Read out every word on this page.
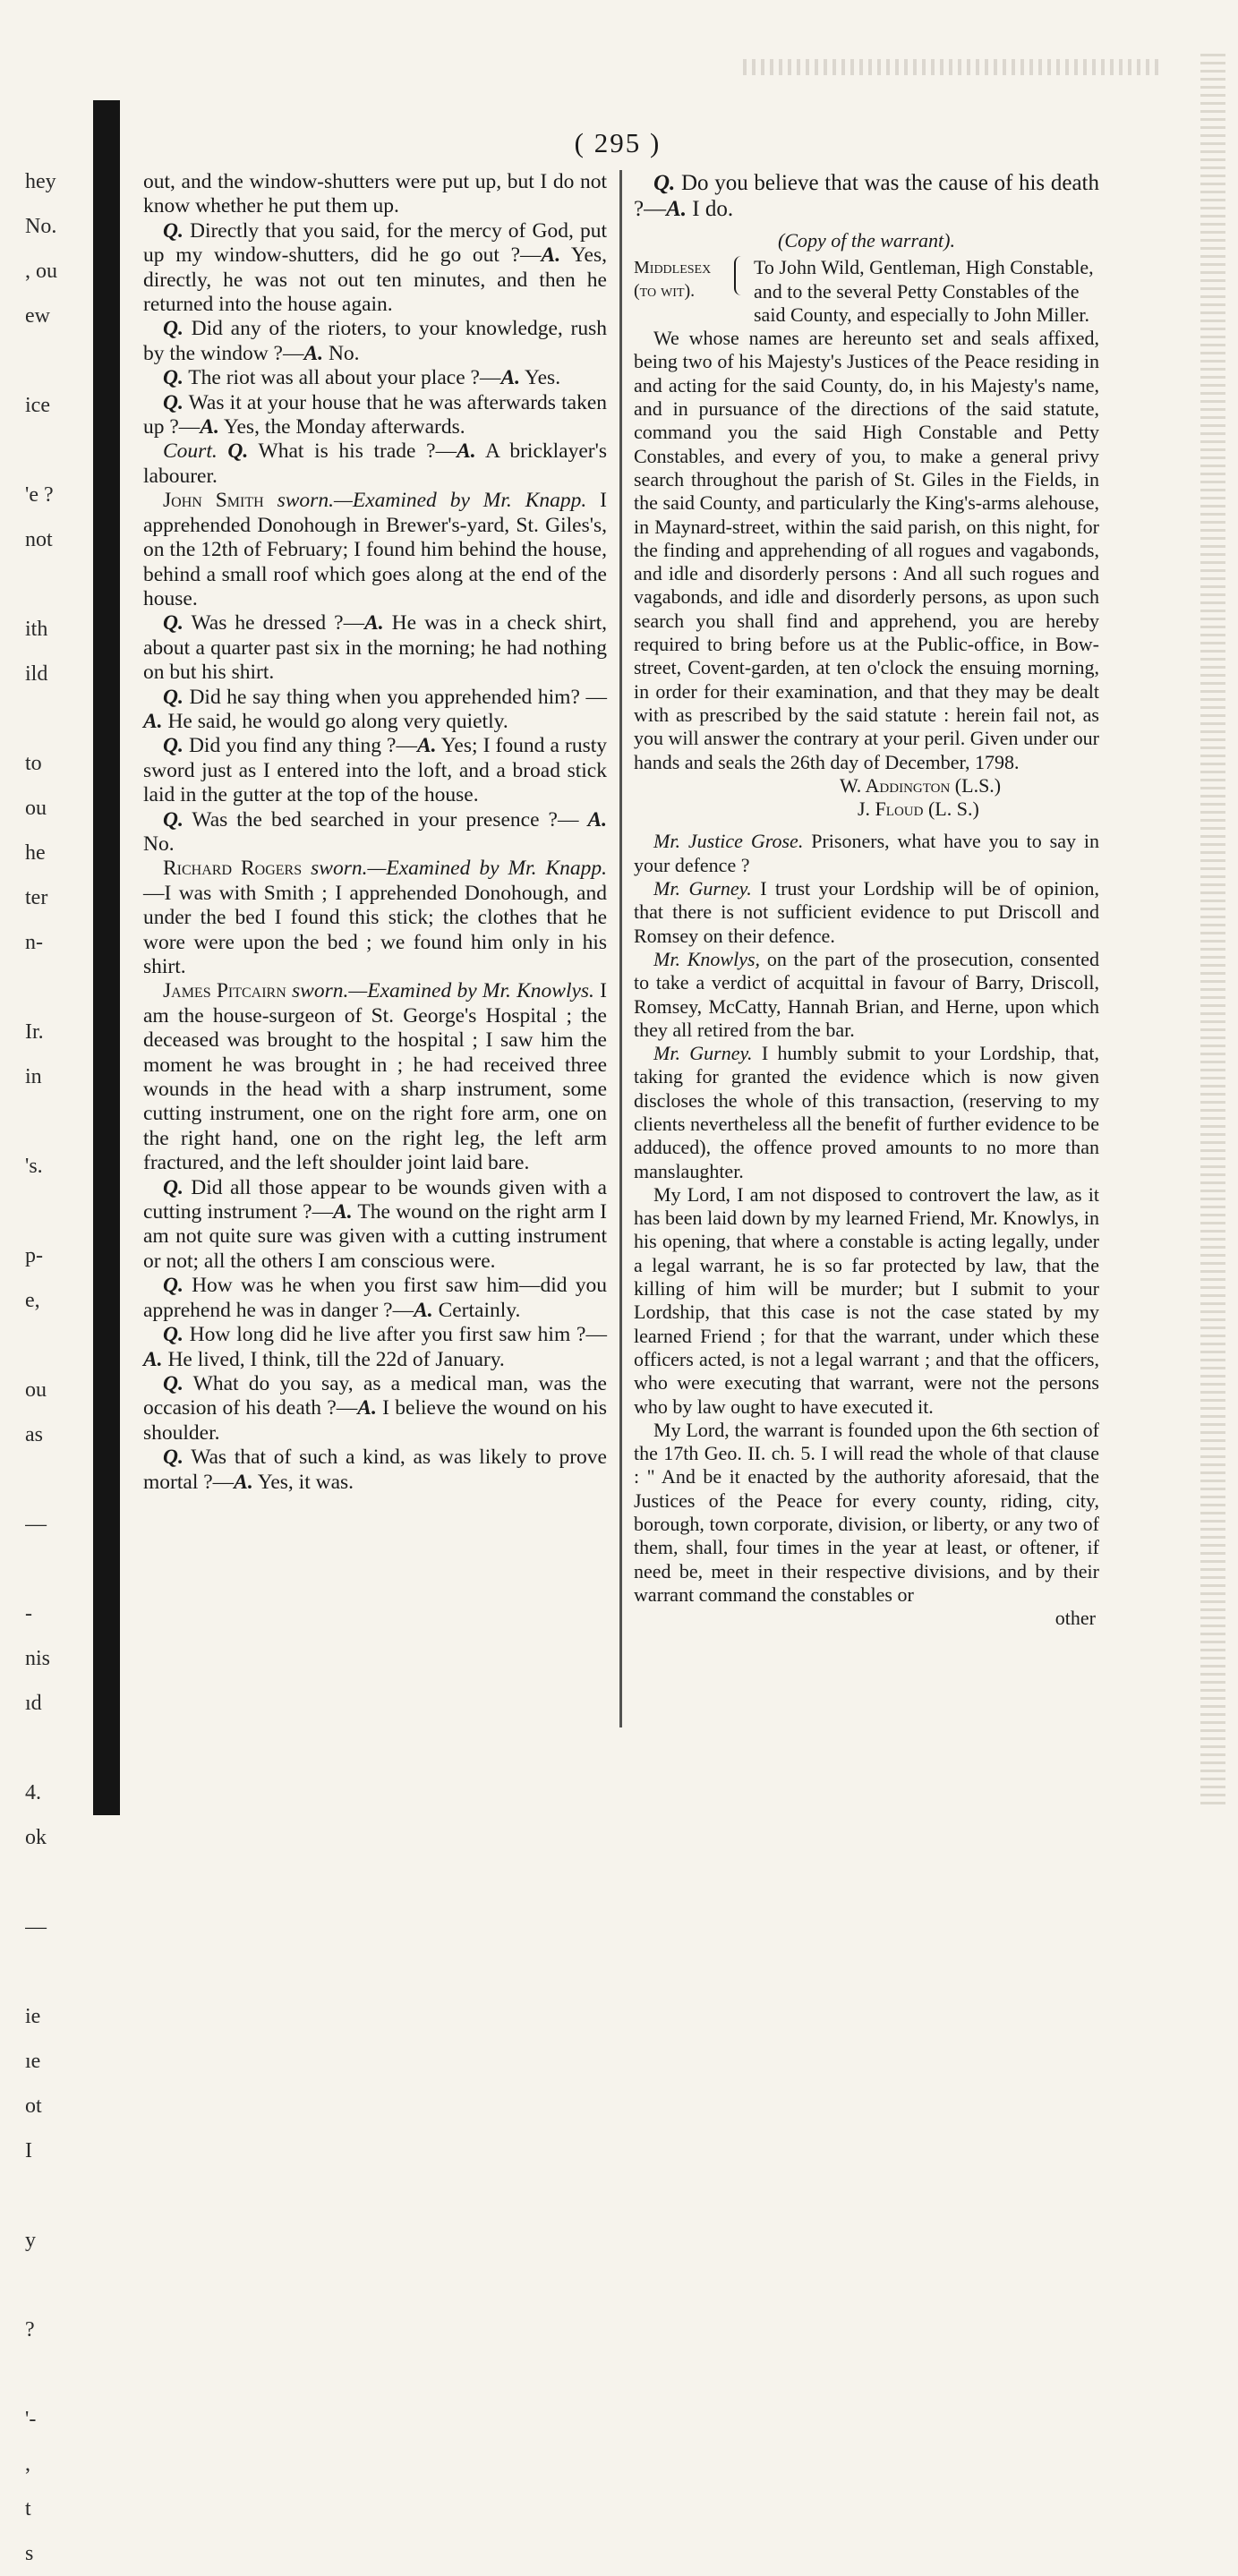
hey
No.
, ou
ew
ice
'e ?
not
ith
ild
to
ou
he
ter
n-
Ir.
in
's.
p-
e,
ou
as
—
-
nis
ıd
4.
ok
—
ie
ıe
ot
I
y
?
'-
,
t
s
( 295 )

out, and the window-shutters were put up, but I do not know whether he put them up.

Q. Directly that you said, for the mercy of God, put up my window-shutters, did he go out ?—A. Yes, directly, he was not out ten minutes, and then he returned into the house again.

Q. Did any of the rioters, to your knowledge, rush by the window ?—A. No.

Q. The riot was all about your place ?—A. Yes.

Q. Was it at your house that he was afterwards taken up ?—A. Yes, the Monday afterwards.

Court. Q. What is his trade ?—A. A bricklayer's labourer.

John Smith sworn.—Examined by Mr. Knapp. I apprehended Donohough in Brewer's-yard, St. Giles's, on the 12th of February; I found him behind the house, behind a small roof which goes along at the end of the house.

Q. Was he dressed ?—A. He was in a check shirt, about a quarter past six in the morning; he had nothing on but his shirt.

Q. Did he say thing when you apprehended him? —A. He said, he would go along very quietly.

Q. Did you find any thing ?—A. Yes; I found a rusty sword just as I entered into the loft, and a broad stick laid in the gutter at the top of the house.

Q. Was the bed searched in your presence ?— A. No.

Richard Rogers sworn.—Examined by Mr. Knapp.—I was with Smith ; I apprehended Donohough, and under the bed I found this stick; the clothes that he wore were upon the bed ; we found him only in his shirt.

James Pitcairn sworn.—Examined by Mr. Knowlys. I am the house-surgeon of St. George's Hospital ; the deceased was brought to the hospital ; I saw him the moment he was brought in ; he had received three wounds in the head with a sharp instrument, some cutting instrument, one on the right fore arm, one on the right hand, one on the right leg, the left arm fractured, and the left shoulder joint laid bare.

Q. Did all those appear to be wounds given with a cutting instrument ?—A. The wound on the right arm I am not quite sure was given with a cutting instrument or not; all the others I am conscious were.

Q. How was he when you first saw him—did you apprehend he was in danger ?—A. Certainly.

Q. How long did he live after you first saw him ?—A. He lived, I think, till the 22d of January.

Q. What do you say, as a medical man, was the occasion of his death ?—A. I believe the wound on his shoulder.

Q. Was that of such a kind, as was likely to prove mortal ?—A. Yes, it was.

Q. Do you believe that was the cause of his death ?—A. I do.

(Copy of the warrant).

Middlesex (to wit).
To John Wild, Gentleman, High Constable, and to the several Petty Constables of the said County, and especially to John Miller.

We whose names are hereunto set and seals affixed, being two of his Majesty's Justices of the Peace residing in and acting for the said County, do, in his Majesty's name, and in pursuance of the directions of the said statute, command you the said High Constable and Petty Constables, and every of you, to make a general privy search throughout the parish of St. Giles in the Fields, in the said County, and particularly the King's-arms alehouse, in Maynard-street, within the said parish, on this night, for the finding and apprehending of all rogues and vagabonds, and idle and disorderly persons : And all such rogues and vagabonds, and idle and disorderly persons, as upon such search you shall find and apprehend, you are hereby required to bring before us at the Public-office, in Bow-street, Covent-garden, at ten o'clock the ensuing morning, in order for their examination, and that they may be dealt with as prescribed by the said statute : herein fail not, as you will answer the contrary at your peril. Given under our hands and seals the 26th day of December, 1798.

W. Addington (L.S.)

J. Floud (L. S.)

Mr. Justice Grose. Prisoners, what have you to say in your defence ?

Mr. Gurney. I trust your Lordship will be of opinion, that there is not sufficient evidence to put Driscoll and Romsey on their defence.

Mr. Knowlys, on the part of the prosecution, consented to take a verdict of acquittal in favour of Barry, Driscoll, Romsey, McCatty, Hannah Brian, and Herne, upon which they all retired from the bar.

Mr. Gurney. I humbly submit to your Lordship, that, taking for granted the evidence which is now given discloses the whole of this transaction, (reserving to my clients nevertheless all the benefit of further evidence to be adduced), the offence proved amounts to no more than manslaughter.

My Lord, I am not disposed to controvert the law, as it has been laid down by my learned Friend, Mr. Knowlys, in his opening, that where a constable is acting legally, under a legal warrant, he is so far protected by law, that the killing of him will be murder; but I submit to your Lordship, that this case is not the case stated by my learned Friend ; for that the warrant, under which these officers acted, is not a legal warrant ; and that the officers, who were executing that warrant, were not the persons who by law ought to have executed it.

My Lord, the warrant is founded upon the 6th section of the 17th Geo. II. ch. 5. I will read the whole of that clause : " And be it enacted by the authority aforesaid, that the Justices of the Peace for every county, riding, city, borough, town corporate, division, or liberty, or any two of them, shall, four times in the year at least, or oftener, if need be, meet in their respective divisions, and by their warrant command the constables or

other
